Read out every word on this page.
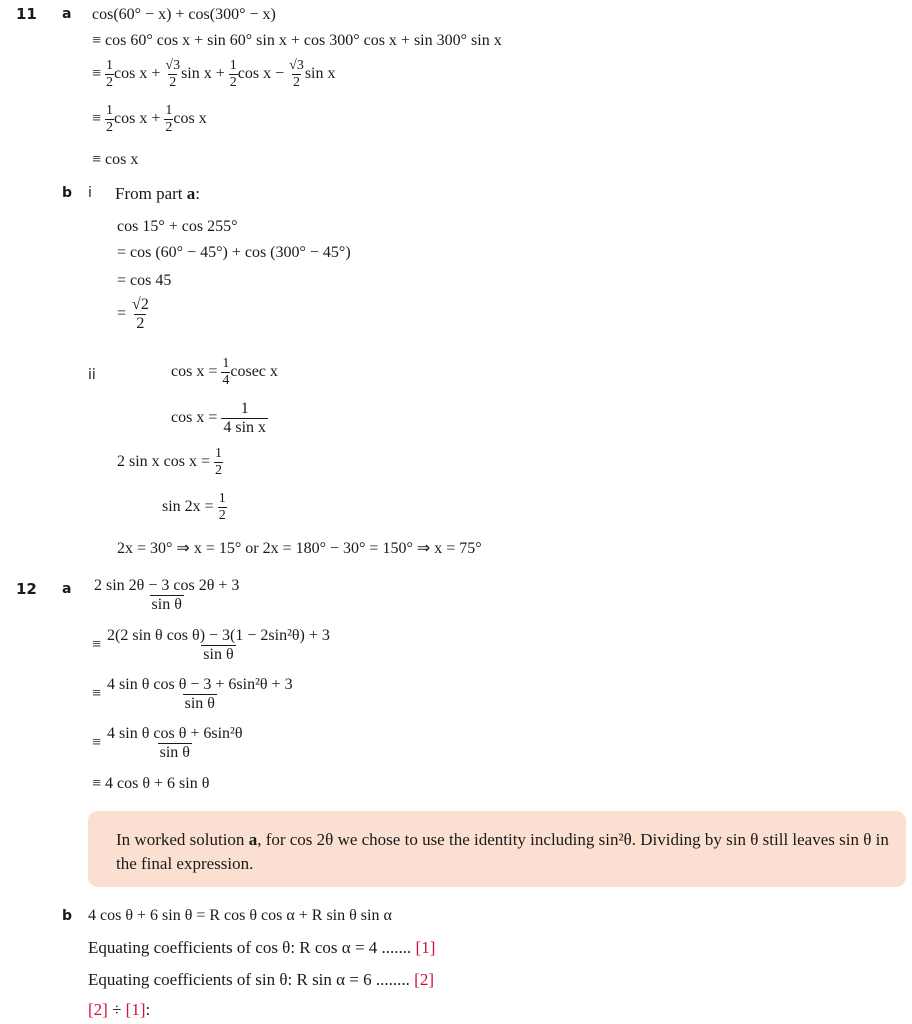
11 a cos(60° − x) + cos(300° − x)
≡ cos 60° cos x + sin 60° sin x + cos 300° cos x + sin 300° sin x
≡ $\frac{1}{2}$ $\cos x + \frac{√3}{2}$ $\sin x + \frac{1}{2}$ $\cos x - \frac{√3}{2}$ sin x
≡ $\frac{1}{2}$ $\cos x + \frac{1}{2}$ cos x
≡ cos x
b i From part a:
cos 15° + cos 255°
= cos (60° − 45°) + cos (300° − 45°)
= cos 45
= $\frac{√2}{2}$
ii	$\cos x = \frac{1}{4}$ cosec x
$\cos x = \frac{1}{\text{4 sin x}}$
2 sin x $\cos x = \frac{1}{2}$
$\sin 2x = \frac{1}{2}$
2x = 30° ⇒ x = 15° or 2x = 180° − 30° = 150° ⇒ x = 75°
12 a $\frac{2 \sin 2\theta - 3 \cos 2\theta + 3}{\text{sin θ}}$
≡ $\frac{\text{2(2 sin θ cos θ) − 3(1 − 2sin²θ) + 3}}{\text{sin θ}}$
≡ $\frac{\text{4 sin θ cos θ − 3 + 6sin²θ + 3}}{\text{sin θ}}$
≡ $\frac{\text{4 sin θ cos θ + 6sin²θ}}{\text{sin θ}}$
≡ 4 cos θ + 6 sin θ
In worked solution a, for cos 2θ we chose to use the identity including sin²θ. Dividing by sin θ still leaves sin θ in the final expression.
b 4 cos θ + 6 sin θ = R cos θ cos α + R sin θ sin α
Equating coefficients of cos θ: R cos α = 4 ....... [1]
Equating coefficients of sin θ: R sin α = 6 ........ [2]
[2] ÷ [1]:
